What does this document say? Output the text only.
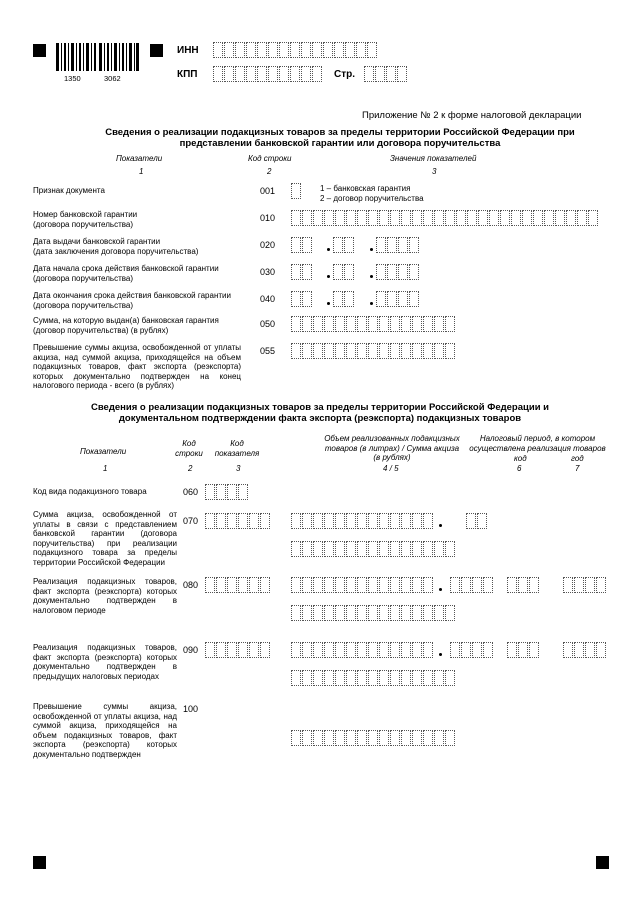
1350	3062
ИНН
КПП	Стр.
Приложение № 2 к форме налоговой декларации
Сведения о реализации подакцизных товаров за пределы территории Российской Федерации при
представлении банковской гарантии или договора поручительства
Показатели	Код строки	Значения показателей
1	2	3
Признак документа	001	1 – банковская гарантия
2 – договор поручительства
Номер банковской гарантии
(договора поручительства)
010
Дата выдачи банковской гарантии
(дата заключения договора поручительства)
020
Дата начала срока действия банковской гарантии
(договора поручительства)
030
Дата окончания срока действия банковской гарантии
(договора поручительства)
040
Сумма, на которую выдан(а) банковская гарантия
(договор поручительства) (в рублях)
050
Превышение суммы акциза, освобожденной от уплаты акциза, над суммой акциза, приходящейся на объем подакцизных товаров, факт экспорта (реэкспорта) которых документально подтвержден на конец налогового периода - всего (в рублях)
055
Сведения о реализации подакцизных товаров за пределы территории Российской Федерации и
документальном подтверждении факта экспорта (реэкспорта) подакцизных товаров
Показатели
Код строки
Код показателя
Объем реализованных подакцизных товаров (в литрах) / Сумма акциза (в рублях)
Налоговый период, в котором осуществлена реализация товаров
код	год
1	2	3	4 / 5	6	7
Код вида подакцизного товара	060
Сумма акциза, освобожденной от уплаты в связи с представлением банковской гарантии (договора поручительства) при реализации подакцизного товара за пределы территории Российской Федерации
070
Реализация подакцизных товаров, факт экспорта (реэкспорта) которых документально подтвержден в налоговом периоде
080
Реализация подакцизных товаров, факт экспорта (реэкспорта) которых документально подтвержден в предыдущих налоговых периодах
090
Превышение суммы акциза, освобожденной от уплаты акциза, над суммой акциза, приходящейся на объем подакцизных товаров, факт экспорта (реэкспорта) которых документально подтвержден
100
